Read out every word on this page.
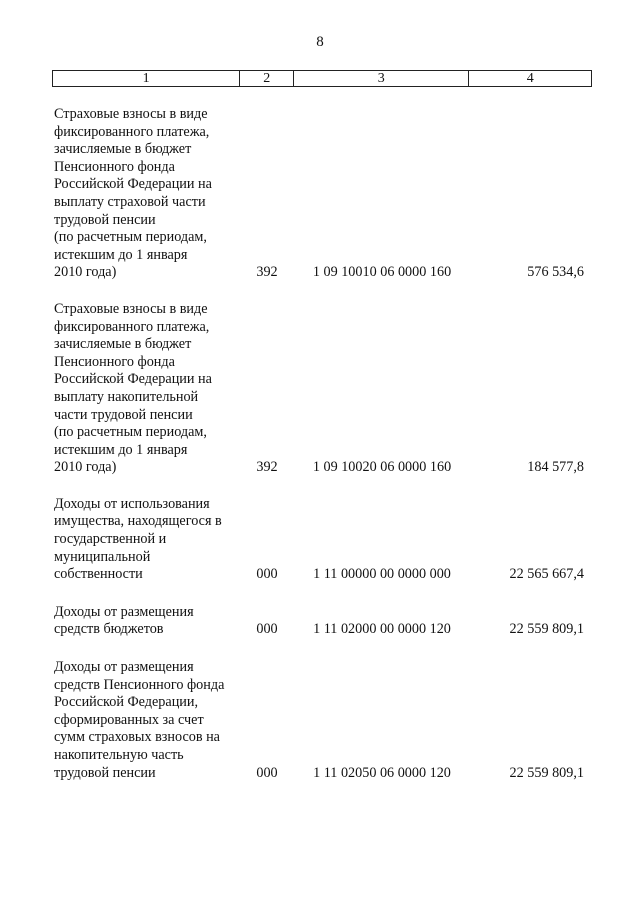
8
1	2	3	4
Страховые взносы в виде
фиксированного платежа,
зачисляемые в бюджет
Пенсионного фонда
Российской Федерации на
выплату страховой части
трудовой пенсии
(по расчетным периодам,
истекшим до 1 января
2010 года)	392	1 09 10010 06 0000 160	576 534,6
Страховые взносы в виде
фиксированного платежа,
зачисляемые в бюджет
Пенсионного фонда
Российской Федерации на
выплату накопительной
части трудовой пенсии
(по расчетным периодам,
истекшим до 1 января
2010 года)	392	1 09 10020 06 0000 160	184 577,8
Доходы от использования
имущества, находящегося в
государственной и
муниципальной
собственности	000	1 11 00000 00 0000 000	22 565 667,4
Доходы от размещения
средств бюджетов	000	1 11 02000 00 0000 120	22 559 809,1
Доходы от размещения
средств Пенсионного фонда
Российской Федерации,
сформированных за счет
сумм страховых взносов на
накопительную часть
трудовой пенсии	000	1 11 02050 06 0000 120	22 559 809,1
